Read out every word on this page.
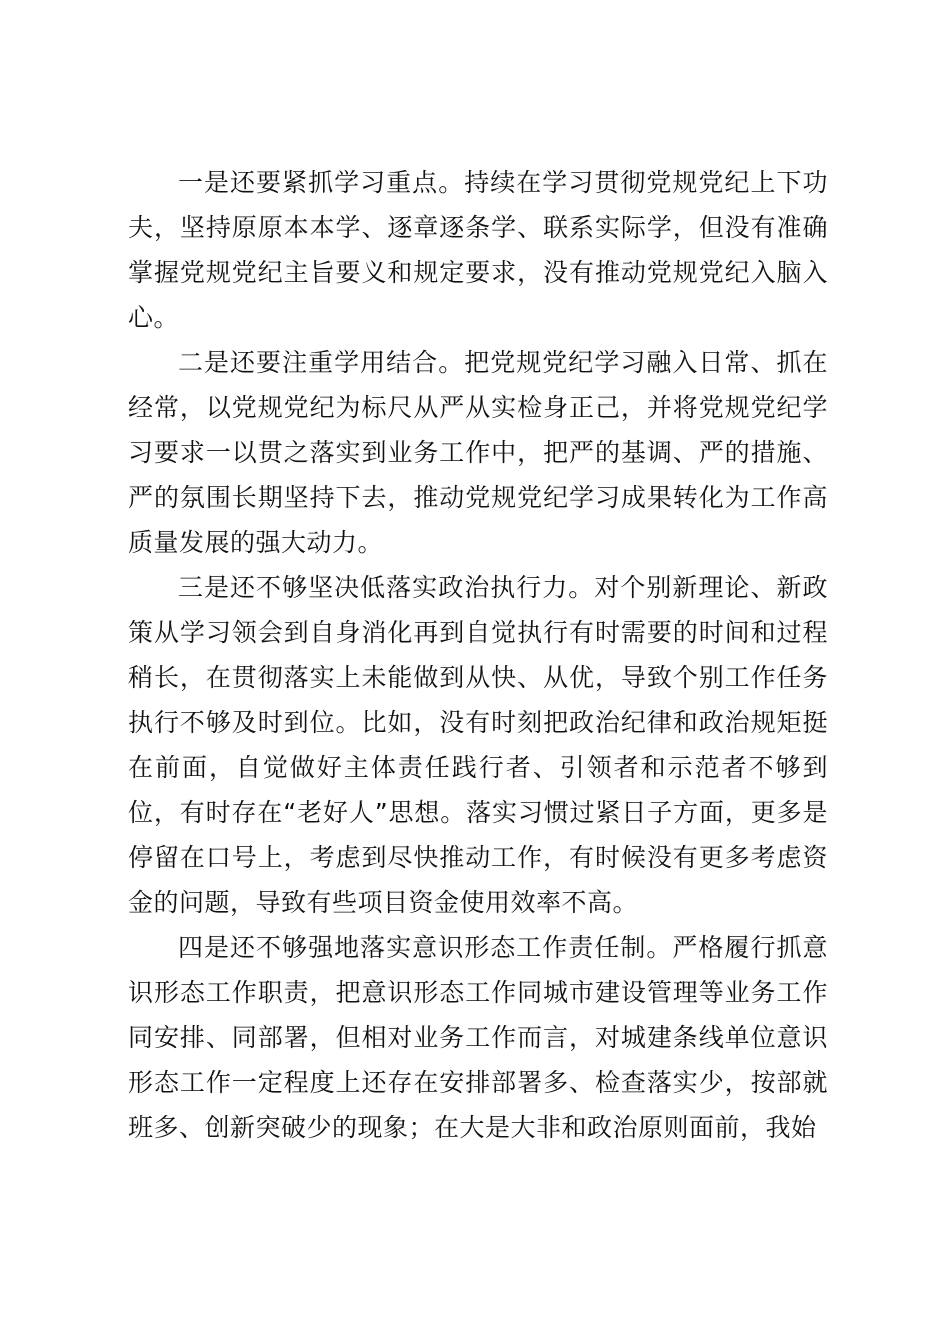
一是还要紧抓学习重点。持续在学习贯彻党规党纪上下功夫，坚持原原本本学、逐章逐条学、联系实际学，但没有准确掌握党规党纪主旨要义和规定要求，没有推动党规党纪入脑入心。

二是还要注重学用结合。把党规党纪学习融入日常、抓在经常，以党规党纪为标尺从严从实检身正己，并将党规党纪学习要求一以贯之落实到业务工作中，把严的基调、严的措施、严的氛围长期坚持下去，推动党规党纪学习成果转化为工作高质量发展的强大动力。

三是还不够坚决低落实政治执行力。对个别新理论、新政策从学习领会到自身消化再到自觉执行有时需要的时间和过程稍长，在贯彻落实上未能做到从快、从优，导致个别工作任务执行不够及时到位。比如，没有时刻把政治纪律和政治规矩挺在前面，自觉做好主体责任践行者、引领者和示范者不够到位，有时存在“老好人”思想。落实习惯过紧日子方面，更多是停留在口号上，考虑到尽快推动工作，有时候没有更多考虑资金的问题，导致有些项目资金使用效率不高。

四是还不够强地落实意识形态工作责任制。严格履行抓意识形态工作职责，把意识形态工作同城市建设管理等业务工作同安排、同部署，但相对业务工作而言，对城建条线单位意识形态工作一定程度上还存在安排部署多、检查落实少，按部就班多、创新突破少的现象；在大是大非和政治原则面前，我始
